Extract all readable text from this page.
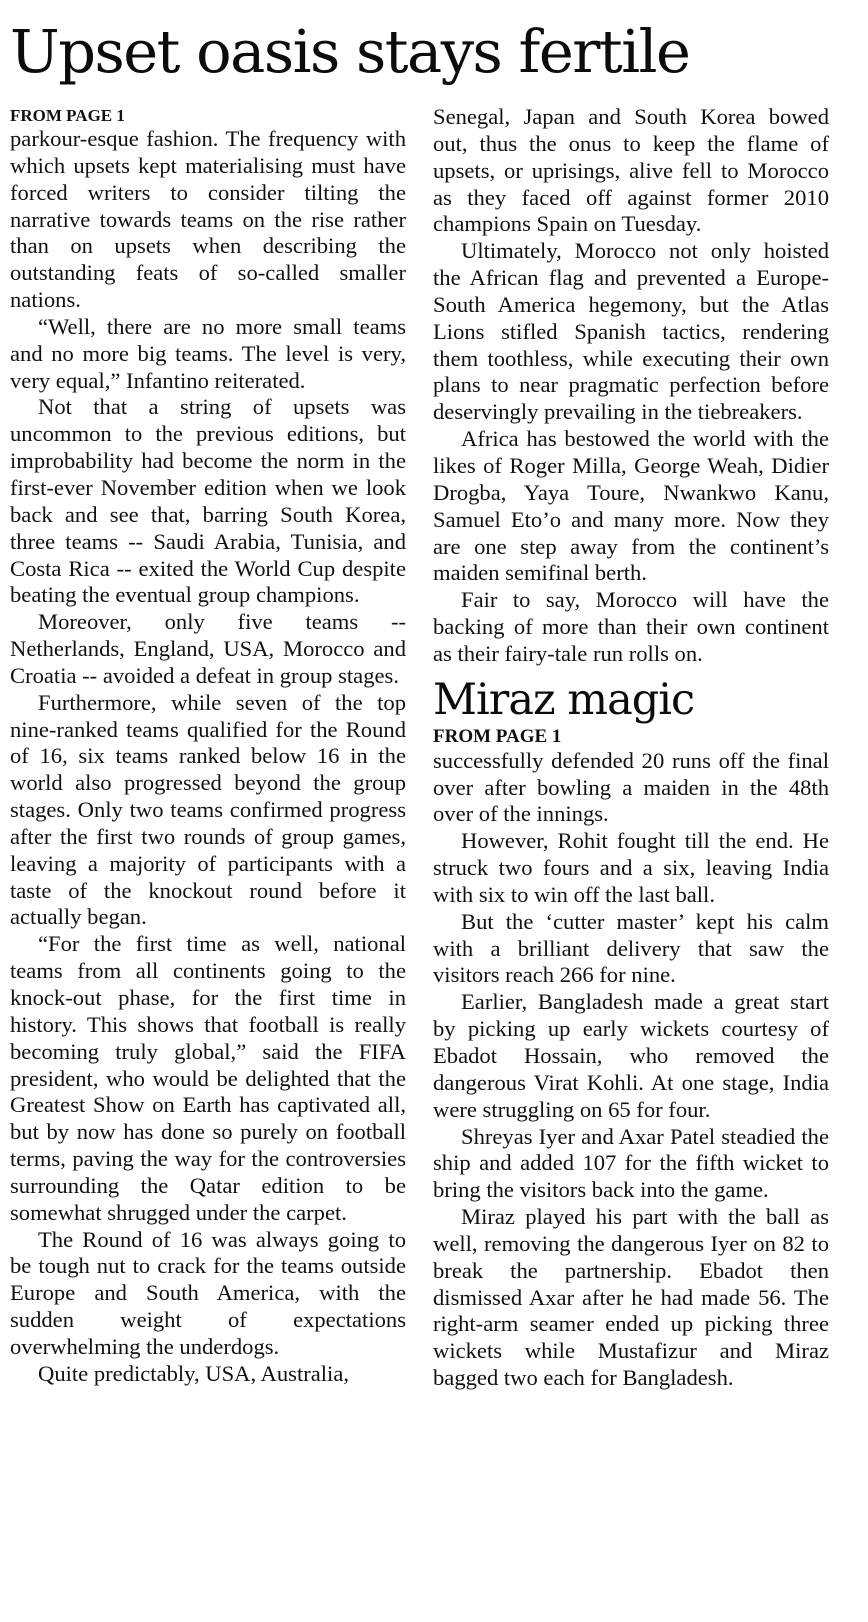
Upset oasis stays fertile
FROM PAGE 1

parkour-esque fashion. The frequency with which upsets kept materialising must have forced writers to consider tilting the narrative towards teams on the rise rather than on upsets when describing the outstanding feats of so-called smaller nations.

“Well, there are no more small teams and no more big teams. The level is very, very equal,” Infantino reiterated.

Not that a string of upsets was uncommon to the previous editions, but improbability had become the norm in the first-ever November edition when we look back and see that, barring South Korea, three teams -- Saudi Arabia, Tunisia, and Costa Rica -- exited the World Cup despite beating the eventual group champions.

Moreover, only five teams -- Netherlands, England, USA, Morocco and Croatia -- avoided a defeat in group stages.

Furthermore, while seven of the top nine-ranked teams qualified for the Round of 16, six teams ranked below 16 in the world also progressed beyond the group stages. Only two teams confirmed progress after the first two rounds of group games, leaving a majority of participants with a taste of the knockout round before it actually began.

“For the first time as well, national teams from all continents going to the knock-out phase, for the first time in history. This shows that football is really becoming truly global,” said the FIFA president, who would be delighted that the Greatest Show on Earth has captivated all, but by now has done so purely on football terms, paving the way for the controversies surrounding the Qatar edition to be somewhat shrugged under the carpet.

The Round of 16 was always going to be tough nut to crack for the teams outside Europe and South America, with the sudden weight of expectations overwhelming the underdogs.

Quite predictably, USA, Australia,

Senegal, Japan and South Korea bowed out, thus the onus to keep the flame of upsets, or uprisings, alive fell to Morocco as they faced off against former 2010 champions Spain on Tuesday.

Ultimately, Morocco not only hoisted the African flag and prevented a Europe-South America hegemony, but the Atlas Lions stifled Spanish tactics, rendering them toothless, while executing their own plans to near pragmatic perfection before deservingly prevailing in the tiebreakers.

Africa has bestowed the world with the likes of Roger Milla, George Weah, Didier Drogba, Yaya Toure, Nwankwo Kanu, Samuel Eto’o and many more. Now they are one step away from the continent’s maiden semifinal berth.

Fair to say, Morocco will have the backing of more than their own continent as their fairy-tale run rolls on.

Miraz magic
FROM PAGE 1

successfully defended 20 runs off the final over after bowling a maiden in the 48th over of the innings.

However, Rohit fought till the end. He struck two fours and a six, leaving India with six to win off the last ball.

But the ‘cutter master’ kept his calm with a brilliant delivery that saw the visitors reach 266 for nine.

Earlier, Bangladesh made a great start by picking up early wickets courtesy of Ebadot Hossain, who removed the dangerous Virat Kohli. At one stage, India were struggling on 65 for four.

Shreyas Iyer and Axar Patel steadied the ship and added 107 for the fifth wicket to bring the visitors back into the game.

Miraz played his part with the ball as well, removing the dangerous Iyer on 82 to break the partnership. Ebadot then dismissed Axar after he had made 56. The right-arm seamer ended up picking three wickets while Mustafizur and Miraz bagged two each for Bangladesh.
